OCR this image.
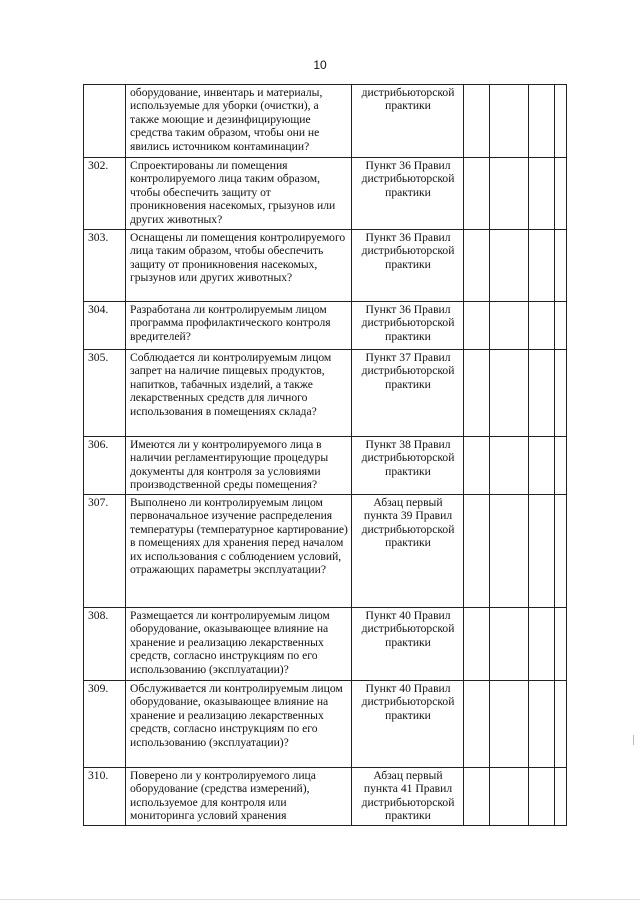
10
	оборудование, инвентарь и материалы, используемые для уборки (очистки), а также моющие и дезинфицирующие средства таким образом, чтобы они не явились источником контаминации?	дистрибьюторской практики				
302.	Спроектированы ли помещения контролируемого лица таким образом, чтобы обеспечить защиту от проникновения насекомых, грызунов или других животных?	Пункт 36 Правил дистрибьюторской практики				
303.	Оснащены ли помещения контролируемого лица таким образом, чтобы обеспечить защиту от проникновения насекомых, грызунов или других животных?	Пункт 36 Правил дистрибьюторской практики				
304.	Разработана ли контролируемым лицом программа профилактического контроля вредителей?	Пункт 36 Правил дистрибьюторской практики				
305.	Соблюдается ли контролируемым лицом запрет на наличие пищевых продуктов, напитков, табачных изделий, а также лекарственных средств для личного использования в помещениях склада?	Пункт 37 Правил дистрибьюторской практики				
306.	Имеются ли у контролируемого лица в наличии регламентирующие процедуры документы для контроля за условиями производственной среды помещения?	Пункт 38 Правил дистрибьюторской практики				
307.	Выполнено ли контролируемым лицом первоначальное изучение распределения температуры (температурное картирование) в помещениях для хранения перед началом их использования с соблюдением условий, отражающих параметры эксплуатации?	Абзац первый пункта 39 Правил дистрибьюторской практики				
308.	Размещается ли контролируемым лицом оборудование, оказывающее влияние на хранение и реализацию лекарственных средств, согласно инструкциям по его использованию (эксплуатации)?	Пункт 40 Правил дистрибьюторской практики				
309.	Обслуживается ли контролируемым лицом оборудование, оказывающее влияние на хранение и реализацию лекарственных средств, согласно инструкциям по его использованию (эксплуатации)?	Пункт 40 Правил дистрибьюторской практики				
310.	Поверено ли у контролируемого лица оборудование (средства измерений), используемое для контроля или мониторинга условий хранения	Абзац первый пункта 41 Правил дистрибьюторской практики				
